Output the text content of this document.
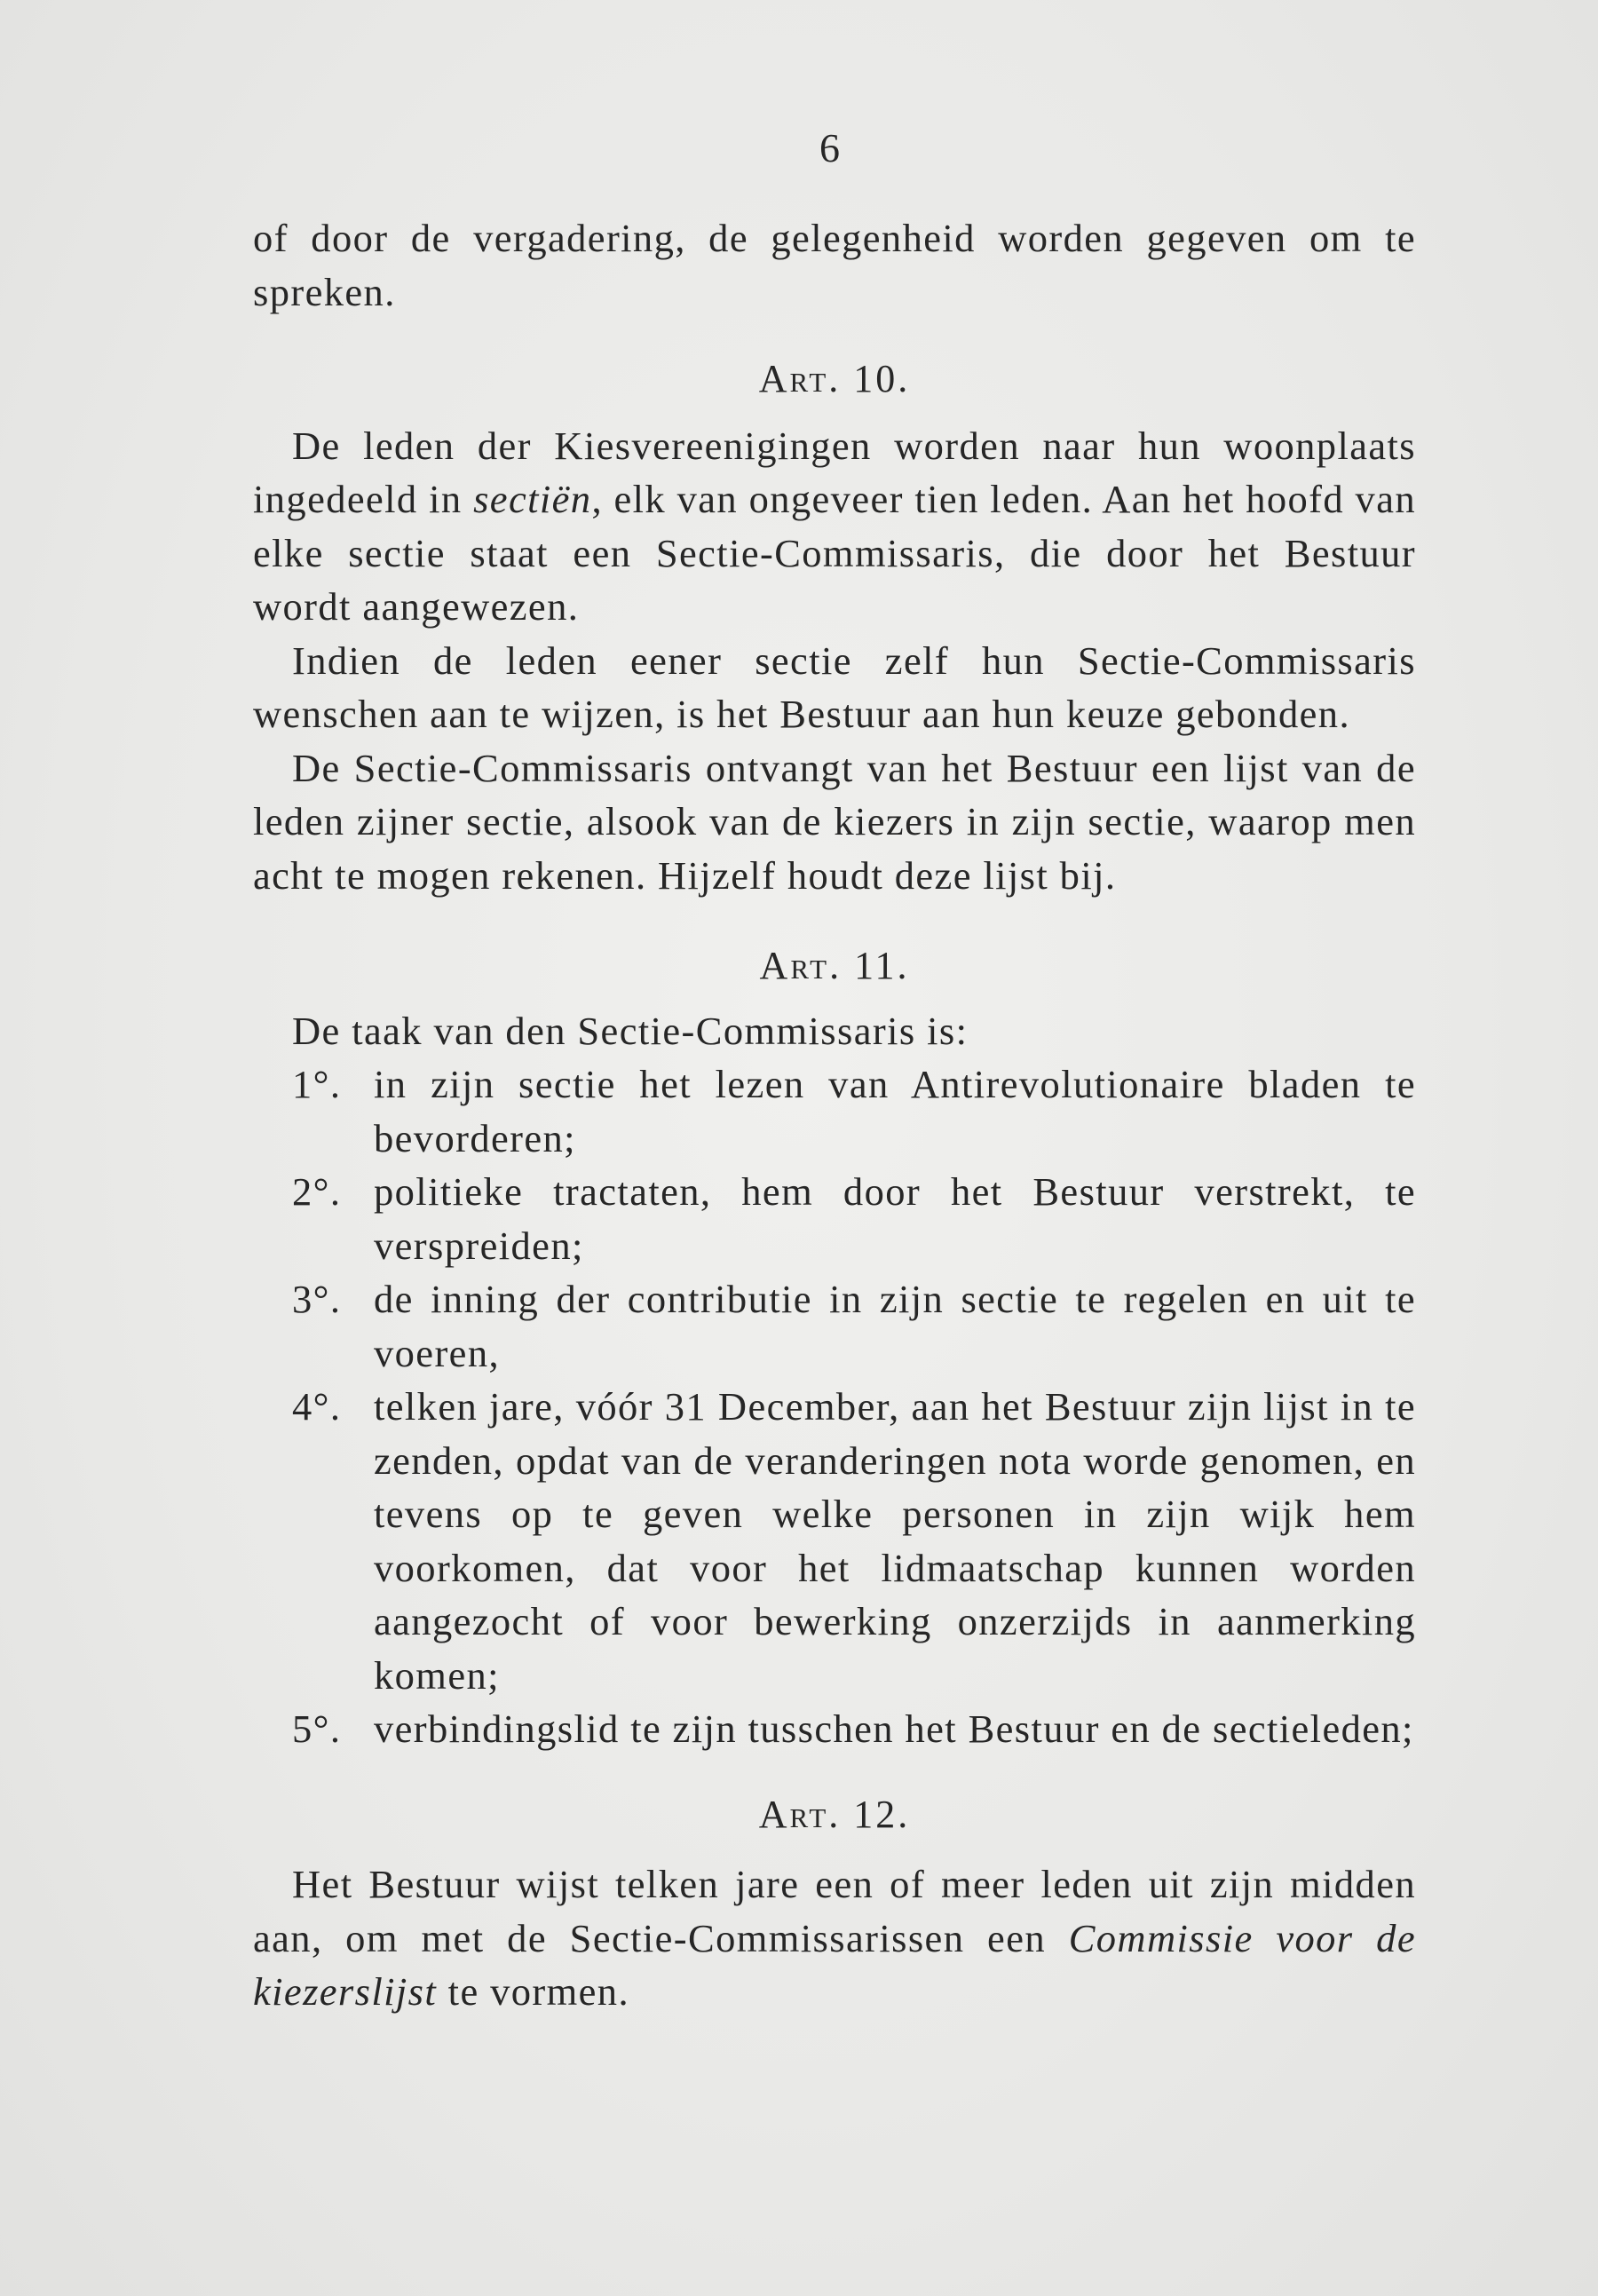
6

of door de vergadering, de gelegenheid worden gegeven om te spreken.

Art. 10.

De leden der Kiesvereenigingen worden naar hun woonplaats ingedeeld in sectiën, elk van ongeveer tien leden. Aan het hoofd van elke sectie staat een Sectie-Commissaris, die door het Bestuur wordt aangewezen.

Indien de leden eener sectie zelf hun Sectie-Commissaris wenschen aan te wijzen, is het Bestuur aan hun keuze gebonden.

De Sectie-Commissaris ontvangt van het Bestuur een lijst van de leden zijner sectie, alsook van de kiezers in zijn sectie, waarop men acht te mogen rekenen. Hijzelf houdt deze lijst bij.

Art. 11.

De taak van den Sectie-Commissaris is:

1°. in zijn sectie het lezen van Antirevolutionaire bladen te bevorderen;
2°. politieke tractaten, hem door het Bestuur verstrekt, te verspreiden;
3°. de inning der contributie in zijn sectie te regelen en uit te voeren,
4°. telken jare, vóór 31 December, aan het Bestuur zijn lijst in te zenden, opdat van de veranderingen nota worde genomen, en tevens op te geven welke personen in zijn wijk hem voorkomen, dat voor het lidmaatschap kunnen worden aangezocht of voor bewerking onzerzijds in aanmerking komen;
5°. verbindingslid te zijn tusschen het Bestuur en de sectieleden;

Art. 12.

Het Bestuur wijst telken jare een of meer leden uit zijn midden aan, om met de Sectie-Commissarissen een Commissie voor de kiezerslijst te vormen.
